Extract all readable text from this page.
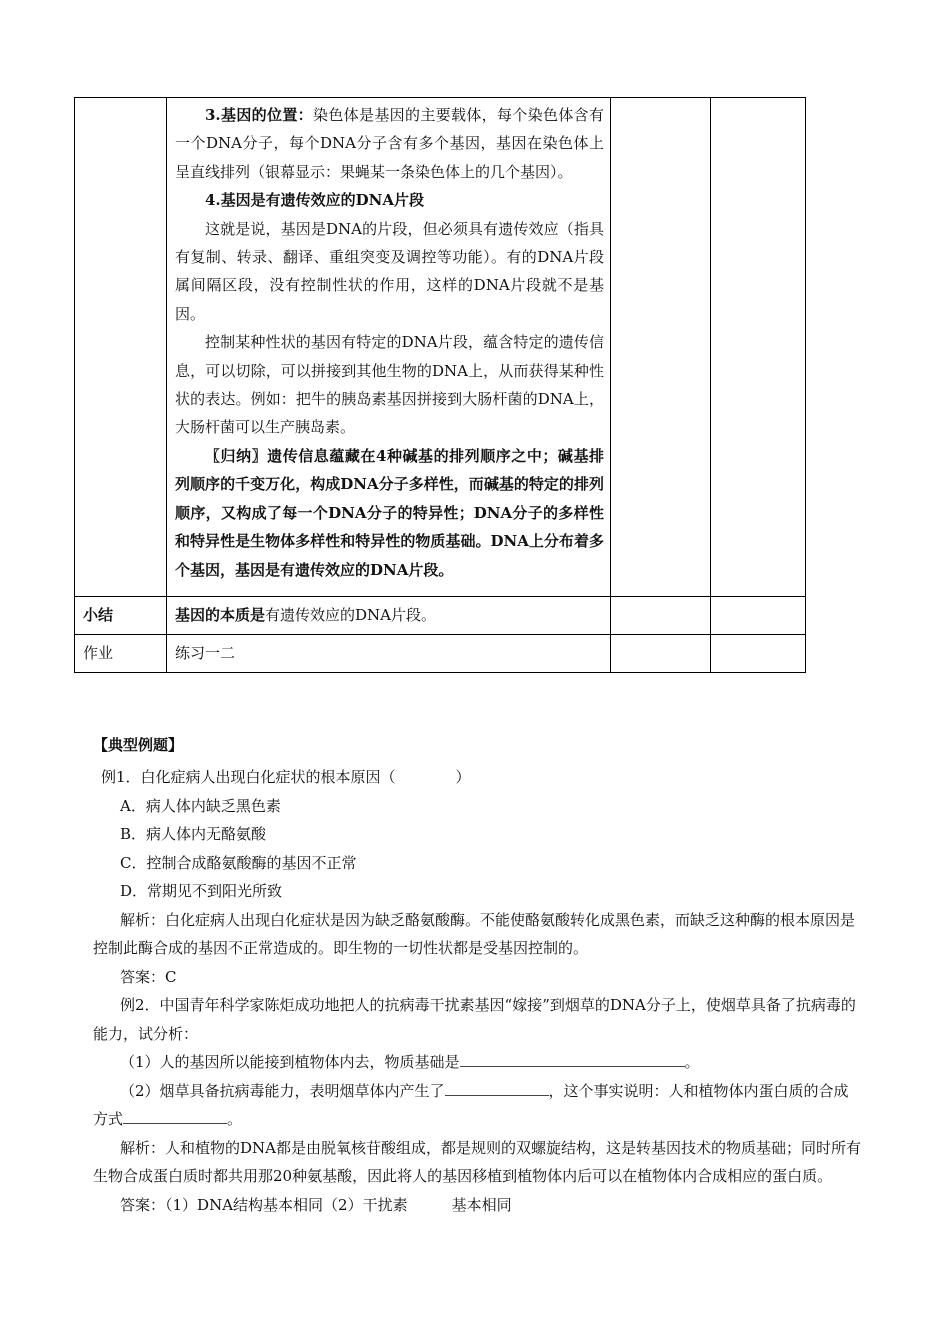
	3.基因的位置：染色体是基因的主要载体，每个染色体含有一个DNA分子，每个DNA分子含有多个基因，基因在染色体上呈直线排列（银幕显示：果蝇某一条染色体上的几个基因）。

4.基因是有遗传效应的DNA片段

这就是说，基因是DNA的片段，但必须具有遗传效应（指具有复制、转录、翻译、重组突变及调控等功能）。有的DNA片段属间隔区段，没有控制性状的作用，这样的DNA片段就不是基因。

控制某种性状的基因有特定的DNA片段，蕴含特定的遗传信息，可以切除，可以拼接到其他生物的DNA上，从而获得某种性状的表达。例如：把牛的胰岛素基因拼接到大肠杆菌的DNA上，大肠杆菌可以生产胰岛素。

〖归纳〗遗传信息蕴藏在4种碱基的排列顺序之中；碱基排列顺序的千变万化，构成DNA分子多样性，而碱基的特定的排列顺序，又构成了每一个DNA分子的特异性；DNA分子的多样性和特异性是生物体多样性和特异性的物质基础。DNA上分布着多个基因，基因是有遗传效应的DNA片段。		

小结	基因的本质是有遗传效应的DNA片段。		

作业	练习一二		

【典型例题】

例1．白化症病人出现白化症状的根本原因（　　　　）

A．病人体内缺乏黑色素

B．病人体内无酪氨酸

C．控制合成酪氨酸酶的基因不正常

D．常期见不到阳光所致

解析：白化症病人出现白化症状是因为缺乏酪氨酸酶。不能使酪氨酸转化成黑色素，而缺乏这种酶的根本原因是控制此酶合成的基因不正常造成的。即生物的一切性状都是受基因控制的。

答案：C

例2．中国青年科学家陈炬成功地把人的抗病毒干扰素基因“嫁接”到烟草的DNA分子上，使烟草具备了抗病毒的能力，试分析：

（1）人的基因所以能接到植物体内去，物质基础是	。

（2）烟草具备抗病毒能力，表明烟草体内产生了	，这个事实说明：人和植物体内蛋白质的合成方式	。

解析：人和植物的DNA都是由脱氧核苷酸组成，都是规则的双螺旋结构，这是转基因技术的物质基础；同时所有生物合成蛋白质时都共用那20种氨基酸，因此将人的基因移植到植物体内后可以在植物体内合成相应的蛋白质。

答案：（1）DNA结构基本相同（2）干扰素	基本相同
